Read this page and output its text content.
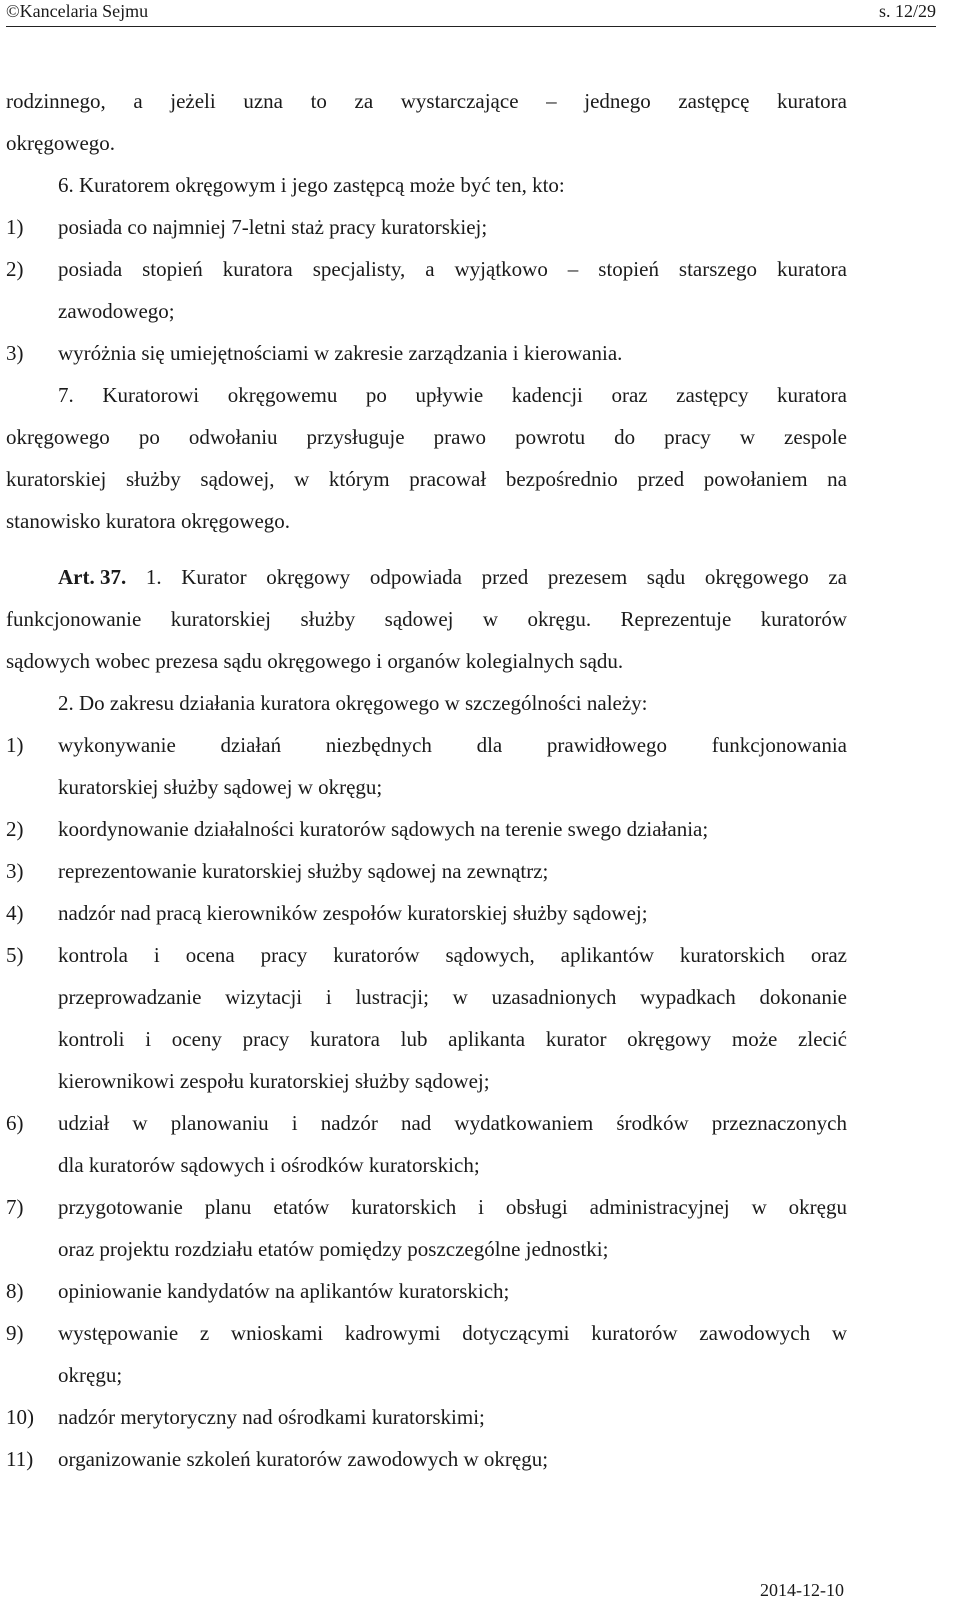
©Kancelaria Sejmu	s. 12/29
rodzinnego, a jeżeli uzna to za wystarczające – jednego zastępcę kuratora
okręgowego.
6. Kuratorem okręgowym i jego zastępcą może być ten, kto:
1) posiada co najmniej 7-letni staż pracy kuratorskiej;
2) posiada stopień kuratora specjalisty, a wyjątkowo – stopień starszego kuratora
zawodowego;
3) wyróżnia się umiejętnościami w zakresie zarządzania i kierowania.
7. Kuratorowi okręgowemu po upływie kadencji oraz zastępcy kuratora
okręgowego po odwołaniu przysługuje prawo powrotu do pracy w zespole
kuratorskiej służby sądowej, w którym pracował bezpośrednio przed powołaniem na
stanowisko kuratora okręgowego.
Art. 37. 1. Kurator okręgowy odpowiada przed prezesem sądu okręgowego za
funkcjonowanie kuratorskiej służby sądowej w okręgu. Reprezentuje kuratorów
sądowych wobec prezesa sądu okręgowego i organów kolegialnych sądu.
2. Do zakresu działania kuratora okręgowego w szczególności należy:
1) wykonywanie działań niezbędnych dla prawidłowego funkcjonowania
kuratorskiej służby sądowej w okręgu;
2) koordynowanie działalności kuratorów sądowych na terenie swego działania;
3) reprezentowanie kuratorskiej służby sądowej na zewnątrz;
4) nadzór nad pracą kierowników zespołów kuratorskiej służby sądowej;
5) kontrola i ocena pracy kuratorów sądowych, aplikantów kuratorskich oraz
przeprowadzanie wizytacji i lustracji; w uzasadnionych wypadkach dokonanie
kontroli i oceny pracy kuratora lub aplikanta kurator okręgowy może zlecić
kierownikowi zespołu kuratorskiej służby sądowej;
6) udział w planowaniu i nadzór nad wydatkowaniem środków przeznaczonych
dla kuratorów sądowych i ośrodków kuratorskich;
7) przygotowanie planu etatów kuratorskich i obsługi administracyjnej w okręgu
oraz projektu rozdziału etatów pomiędzy poszczególne jednostki;
8) opiniowanie kandydatów na aplikantów kuratorskich;
9) występowanie z wnioskami kadrowymi dotyczącymi kuratorów zawodowych w
okręgu;
10) nadzór merytoryczny nad ośrodkami kuratorskimi;
11) organizowanie szkoleń kuratorów zawodowych w okręgu;
2014-12-10
